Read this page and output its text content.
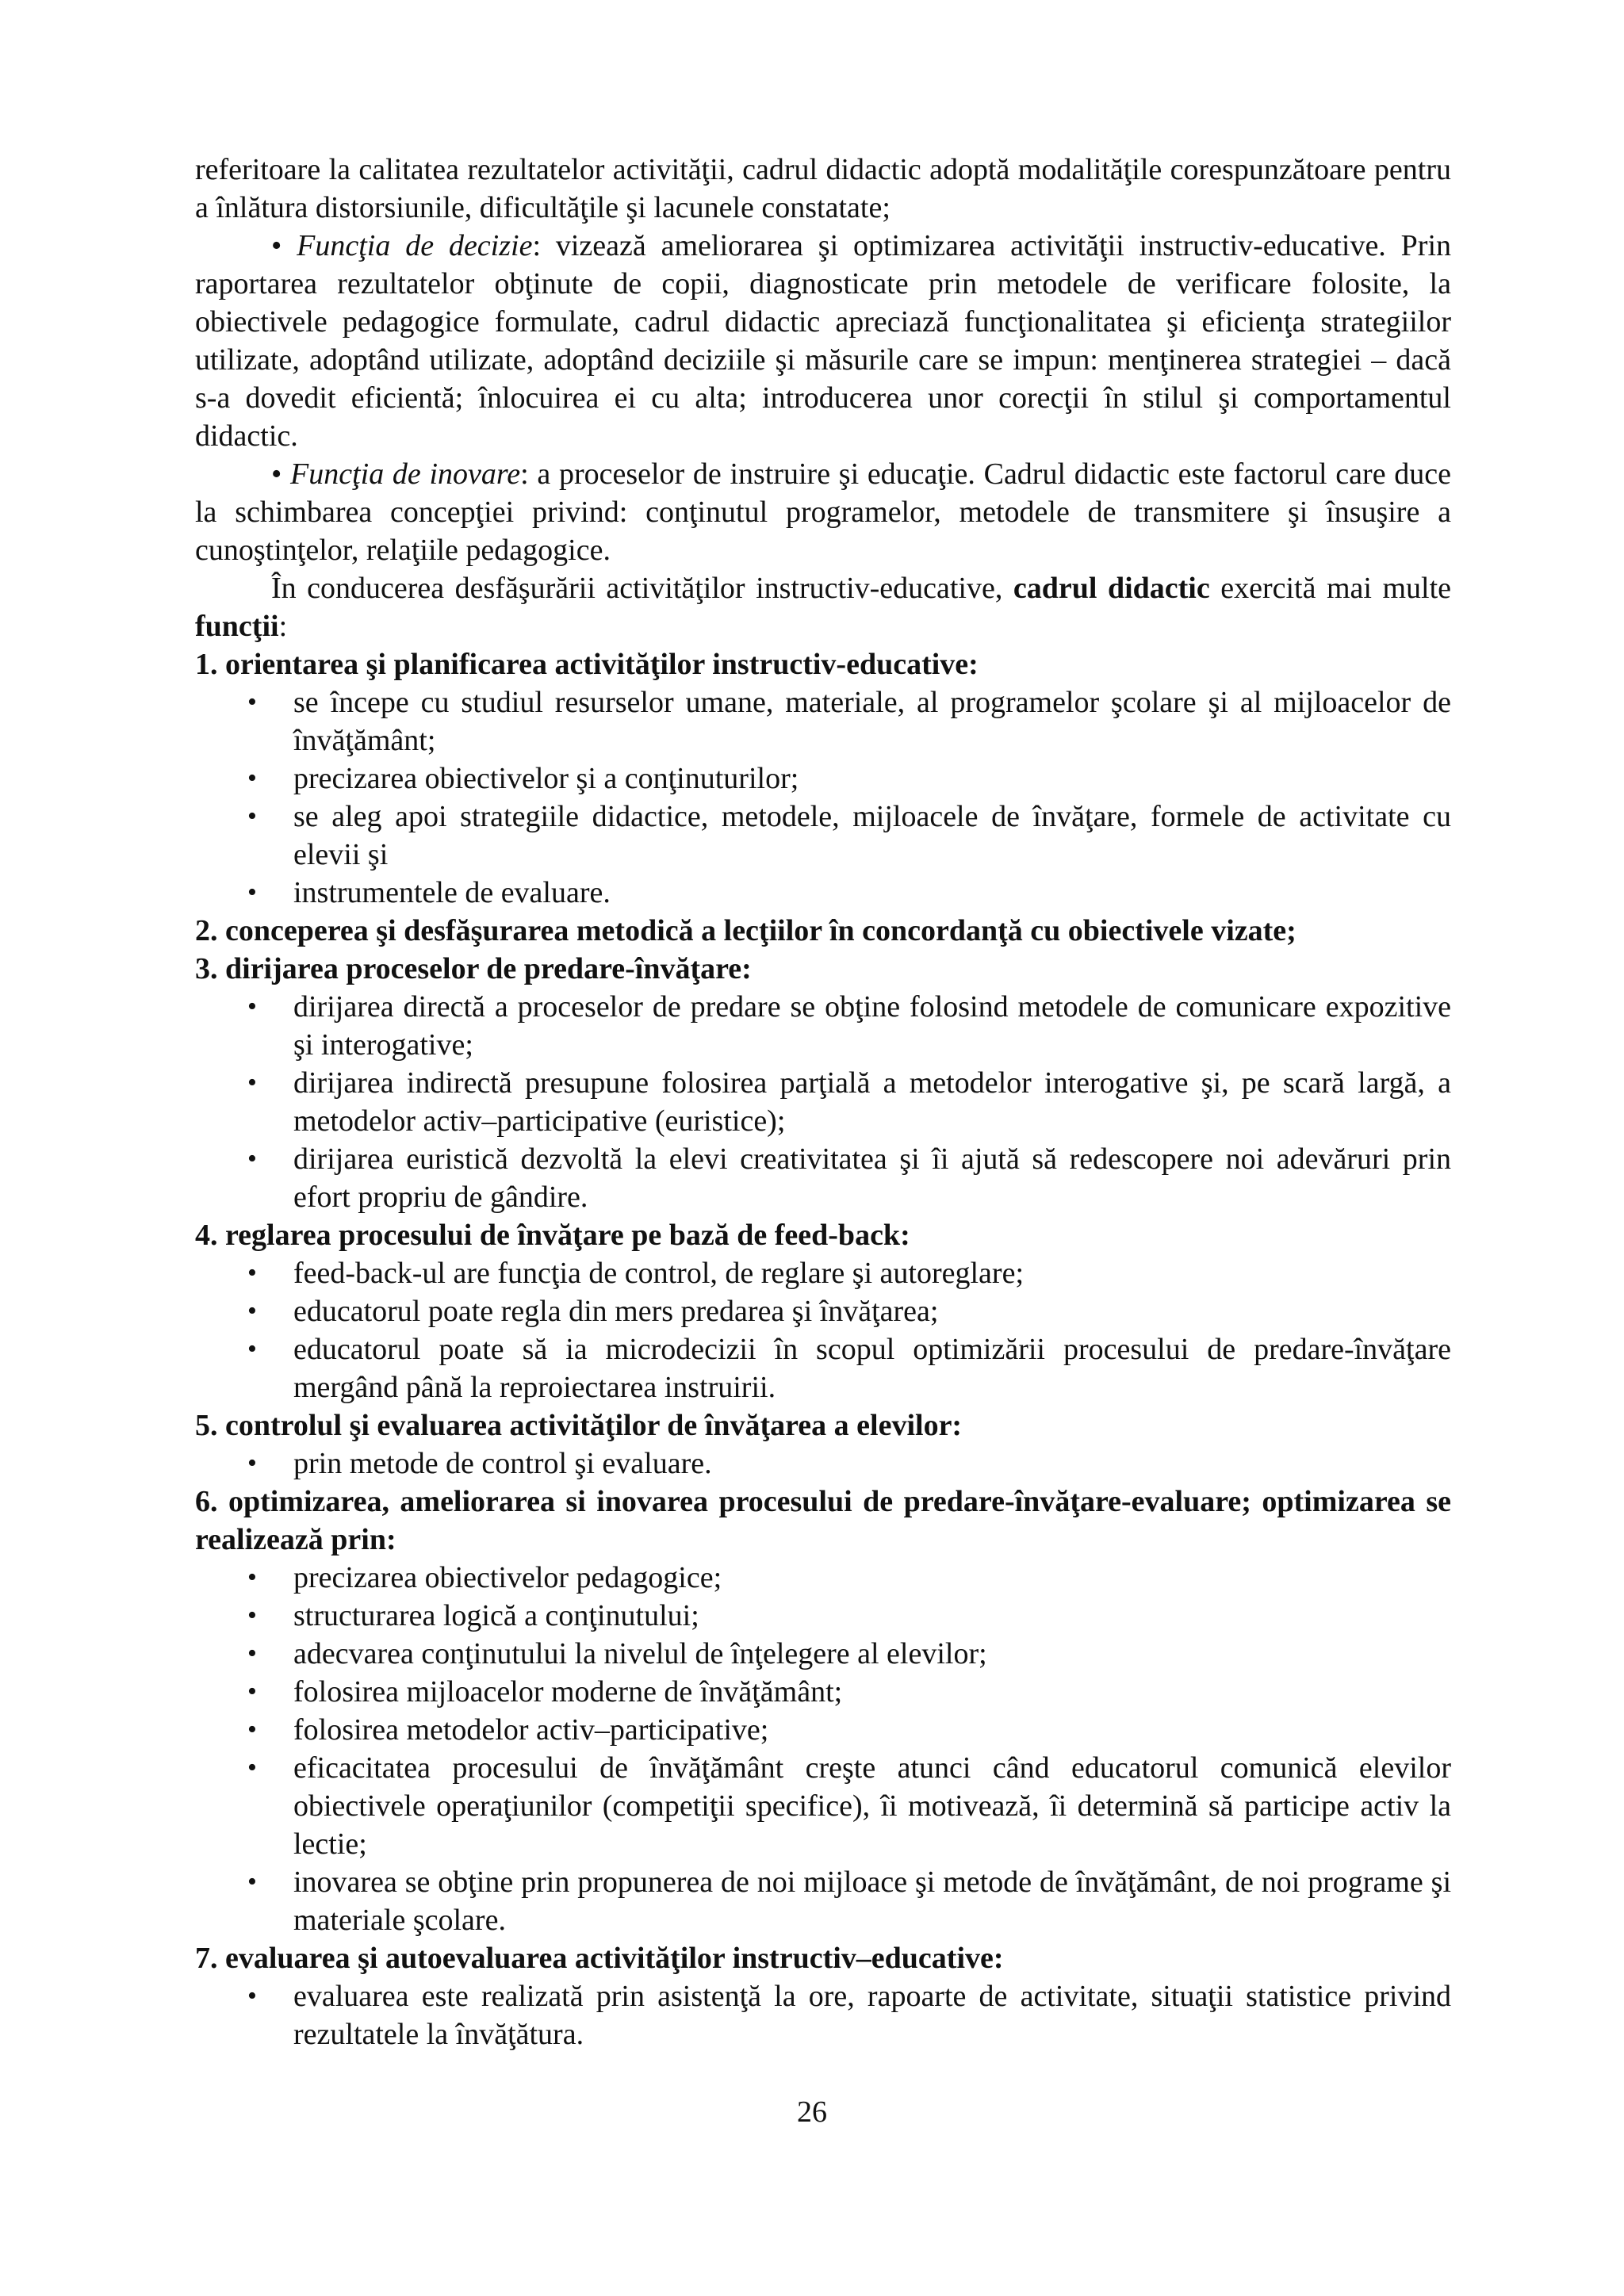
referitoare la calitatea rezultatelor activităţii, cadrul didactic adoptă modalităţile corespunzătoare pentru a înlătura distorsiunile, dificultăţile şi lacunele constatate;

• Funcţia de decizie: vizează ameliorarea şi optimizarea activităţii instructiv-educative. Prin raportarea rezultatelor obţinute de copii, diagnosticate prin metodele de verificare folosite, la obiectivele pedagogice formulate, cadrul didactic apreciază funcţionalitatea şi eficienţa strategiilor utilizate, adoptând utilizate, adoptând deciziile şi măsurile care se impun: menţinerea strategiei – dacă s-a dovedit eficientă; înlocuirea ei cu alta; introducerea unor corecţii în stilul şi comportamentul didactic.

• Funcţia de inovare: a proceselor de instruire şi educaţie. Cadrul didactic este factorul care duce la schimbarea concepţiei privind: conţinutul programelor, metodele de transmitere şi însuşire a cunoştinţelor, relaţiile pedagogice.

În conducerea desfăşurării activităţilor instructiv-educative, cadrul didactic exercită mai multe funcţii:

1. orientarea şi planificarea activităţilor instructiv-educative:

• se începe cu studiul resurselor umane, materiale, al programelor şcolare şi al mijloacelor de învăţământ;
• precizarea obiectivelor şi a conţinuturilor;
• se aleg apoi strategiile didactice, metodele, mijloacele de învăţare, formele de activitate cu elevii şi
• instrumentele de evaluare.

2. conceperea şi desfăşurarea metodică a lecţiilor în concordanţă cu obiectivele vizate;

3. dirijarea proceselor de predare-învăţare:

• dirijarea directă a proceselor de predare se obţine folosind metodele de comunicare expozitive şi interogative;
• dirijarea indirectă presupune folosirea parţială a metodelor interogative şi, pe scară largă, a metodelor activ–participative (euristice);
• dirijarea euristică dezvoltă la elevi creativitatea şi îi ajută să redescopere noi adevăruri prin efort propriu de gândire.

4. reglarea procesului de învăţare pe bază de feed-back:

• feed-back-ul are funcţia de control, de reglare şi autoreglare;
• educatorul poate regla din mers predarea şi învăţarea;
• educatorul poate să ia microdecizii în scopul optimizării procesului de predare-învăţare mergând până la reproiectarea instruirii.

5. controlul şi evaluarea activităţilor de învăţarea a elevilor:

• prin metode de control şi evaluare.

6. optimizarea, ameliorarea si inovarea procesului de predare-învăţare-evaluare; optimizarea se realizează prin:

• precizarea obiectivelor pedagogice;
• structurarea logică a conţinutului;
• adecvarea conţinutului la nivelul de înţelegere al elevilor;
• folosirea mijloacelor moderne de învăţământ;
• folosirea metodelor activ–participative;
• eficacitatea procesului de învăţământ creşte atunci când educatorul comunică elevilor obiectivele operaţiunilor (competiţii specifice), îi motivează, îi determină să participe activ la lectie;
• inovarea se obţine prin propunerea de noi mijloace şi metode de învăţământ, de noi programe şi materiale şcolare.

7. evaluarea şi autoevaluarea activităţilor instructiv–educative:

• evaluarea este realizată prin asistenţă la ore, rapoarte de activitate, situaţii statistice privind rezultatele la învăţătura.
26
